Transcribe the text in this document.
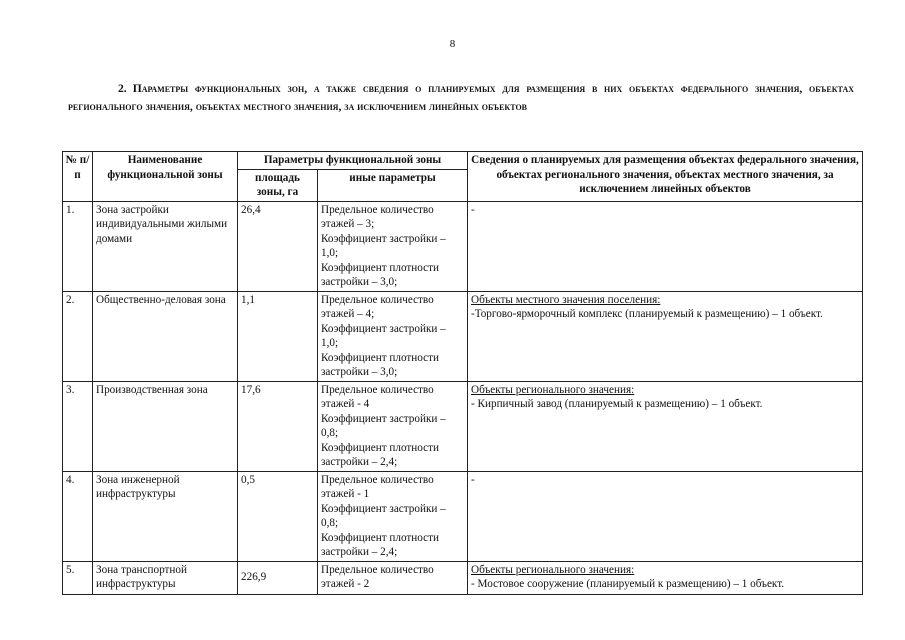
8
2. Параметры функциональных зон, а также сведения о планируемых для размещения в них объектах федерального значения, объектах регионального значения, объектах местного значения, за исключением линейных объектов
№ п/п	Наименование функциональной зоны	Параметры функциональной зоны		Сведения о планируемых для размещения объектах федерального значения, объектах регионального значения, объектах местного значения, за исключением линейных объектов
		площадь зоны, га	иные параметры	
1.	Зона застройки индивидуальными жилыми домами	26,4	Предельное количество этажей – 3;
Коэффициент застройки – 1,0;
Коэффициент плотности застройки – 3,0;	-

2.	Общественно-деловая зона	1,1	Предельное количество этажей – 4;
Коэффициент застройки – 1,0;
Коэффициент плотности застройки – 3,0;	Объекты местного значения поселения:
-Торгово-ярморочный комплекс (планируемый к размещению) – 1 объект.

3.	Производственная зона	17,6	Предельное количество этажей - 4
Коэффициент застройки – 0,8;
Коэффициент плотности застройки – 2,4;	Объекты регионального значения:
- Кирпичный завод (планируемый к размещению) – 1 объект.

4.	Зона инженерной инфраструктуры	0,5	Предельное количество этажей - 1
Коэффициент застройки – 0,8;
Коэффициент плотности застройки – 2,4;	-

5.	Зона транспортной инфраструктуры	226,9	Предельное количество этажей - 2	Объекты регионального значения:
- Мостовое сооружение (планируемый к размещению) – 1 объект.
